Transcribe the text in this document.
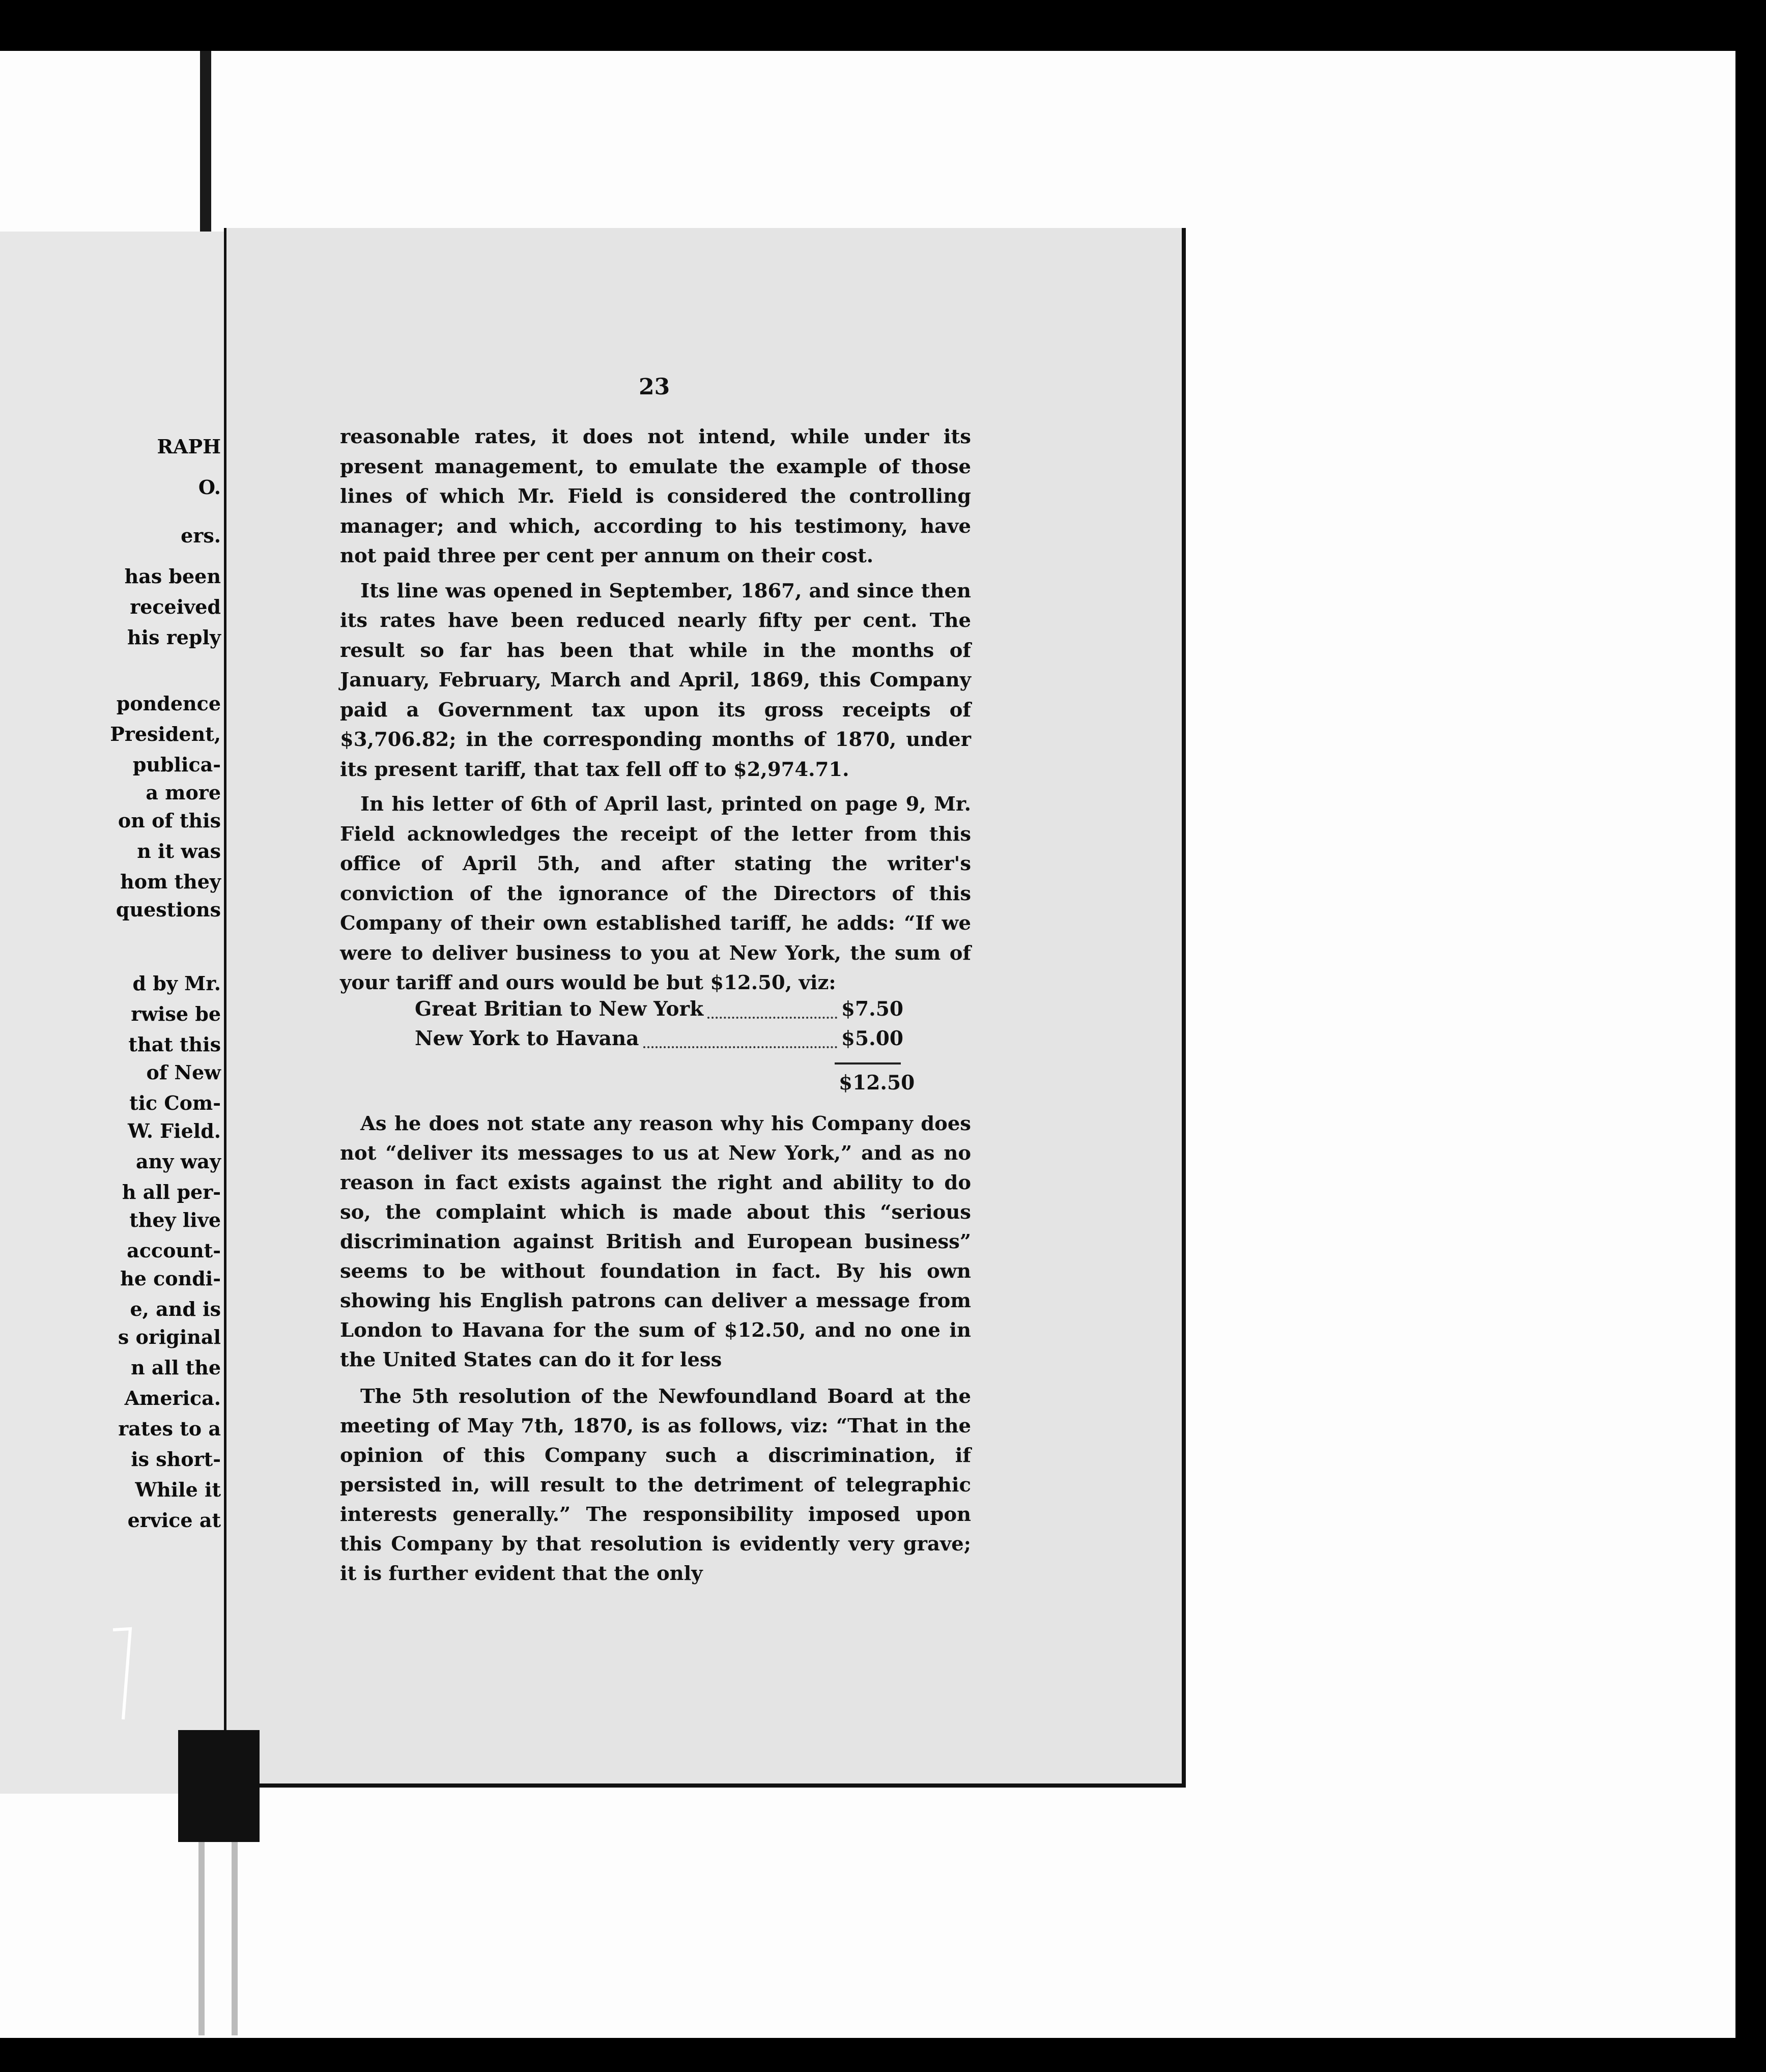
RAPH
O.
ers.
has been
received
his reply
pondence
President,
publica-
a more
on of this
n it was
hom they
questions
d by Mr.
rwise be
that this
of New
tic Com-
W. Field.
any way
h all per-
they live
account-
he condi-
e, and is
s original
n all the
America.
rates to a
is short-
While it
ervice at
23

reasonable rates, it does not intend, while under its present management, to emulate the example of those lines of which Mr. Field is considered the controlling manager; and which, according to his testimony, have not paid three per cent per annum on their cost.

Its line was opened in September, 1867, and since then its rates have been reduced nearly fifty per cent. The result so far has been that while in the months of January, February, March and April, 1869, this Company paid a Government tax upon its gross receipts of $3,706.82; in the corresponding months of 1870, under its present tariff, that tax fell off to $2,974.71.

In his letter of 6th of April last, printed on page 9, Mr. Field acknowledges the receipt of the letter from this office of April 5th, and after stating the writer's conviction of the ignorance of the Directors of this Company of their own established tariff, he adds: “If we were to deliver business to you at New York, the sum of your tariff and ours would be but $12.50, viz:

Great Britian to New York	$7.50
New York to Havana	$5.00
$12.50

As he does not state any reason why his Company does not “deliver its messages to us at New York,” and as no reason in fact exists against the right and ability to do so, the complaint which is made about this “serious discrimination against British and European business” seems to be without foundation in fact. By his own showing his English patrons can deliver a message from London to Havana for the sum of $12.50, and no one in the United States can do it for less

The 5th resolution of the Newfoundland Board at the meeting of May 7th, 1870, is as follows, viz: “That in the opinion of this Company such a discrimination, if persisted in, will result to the detriment of telegraphic interests generally.” The responsibility imposed upon this Company by that resolution is evidently very grave; it is further evident that the only
